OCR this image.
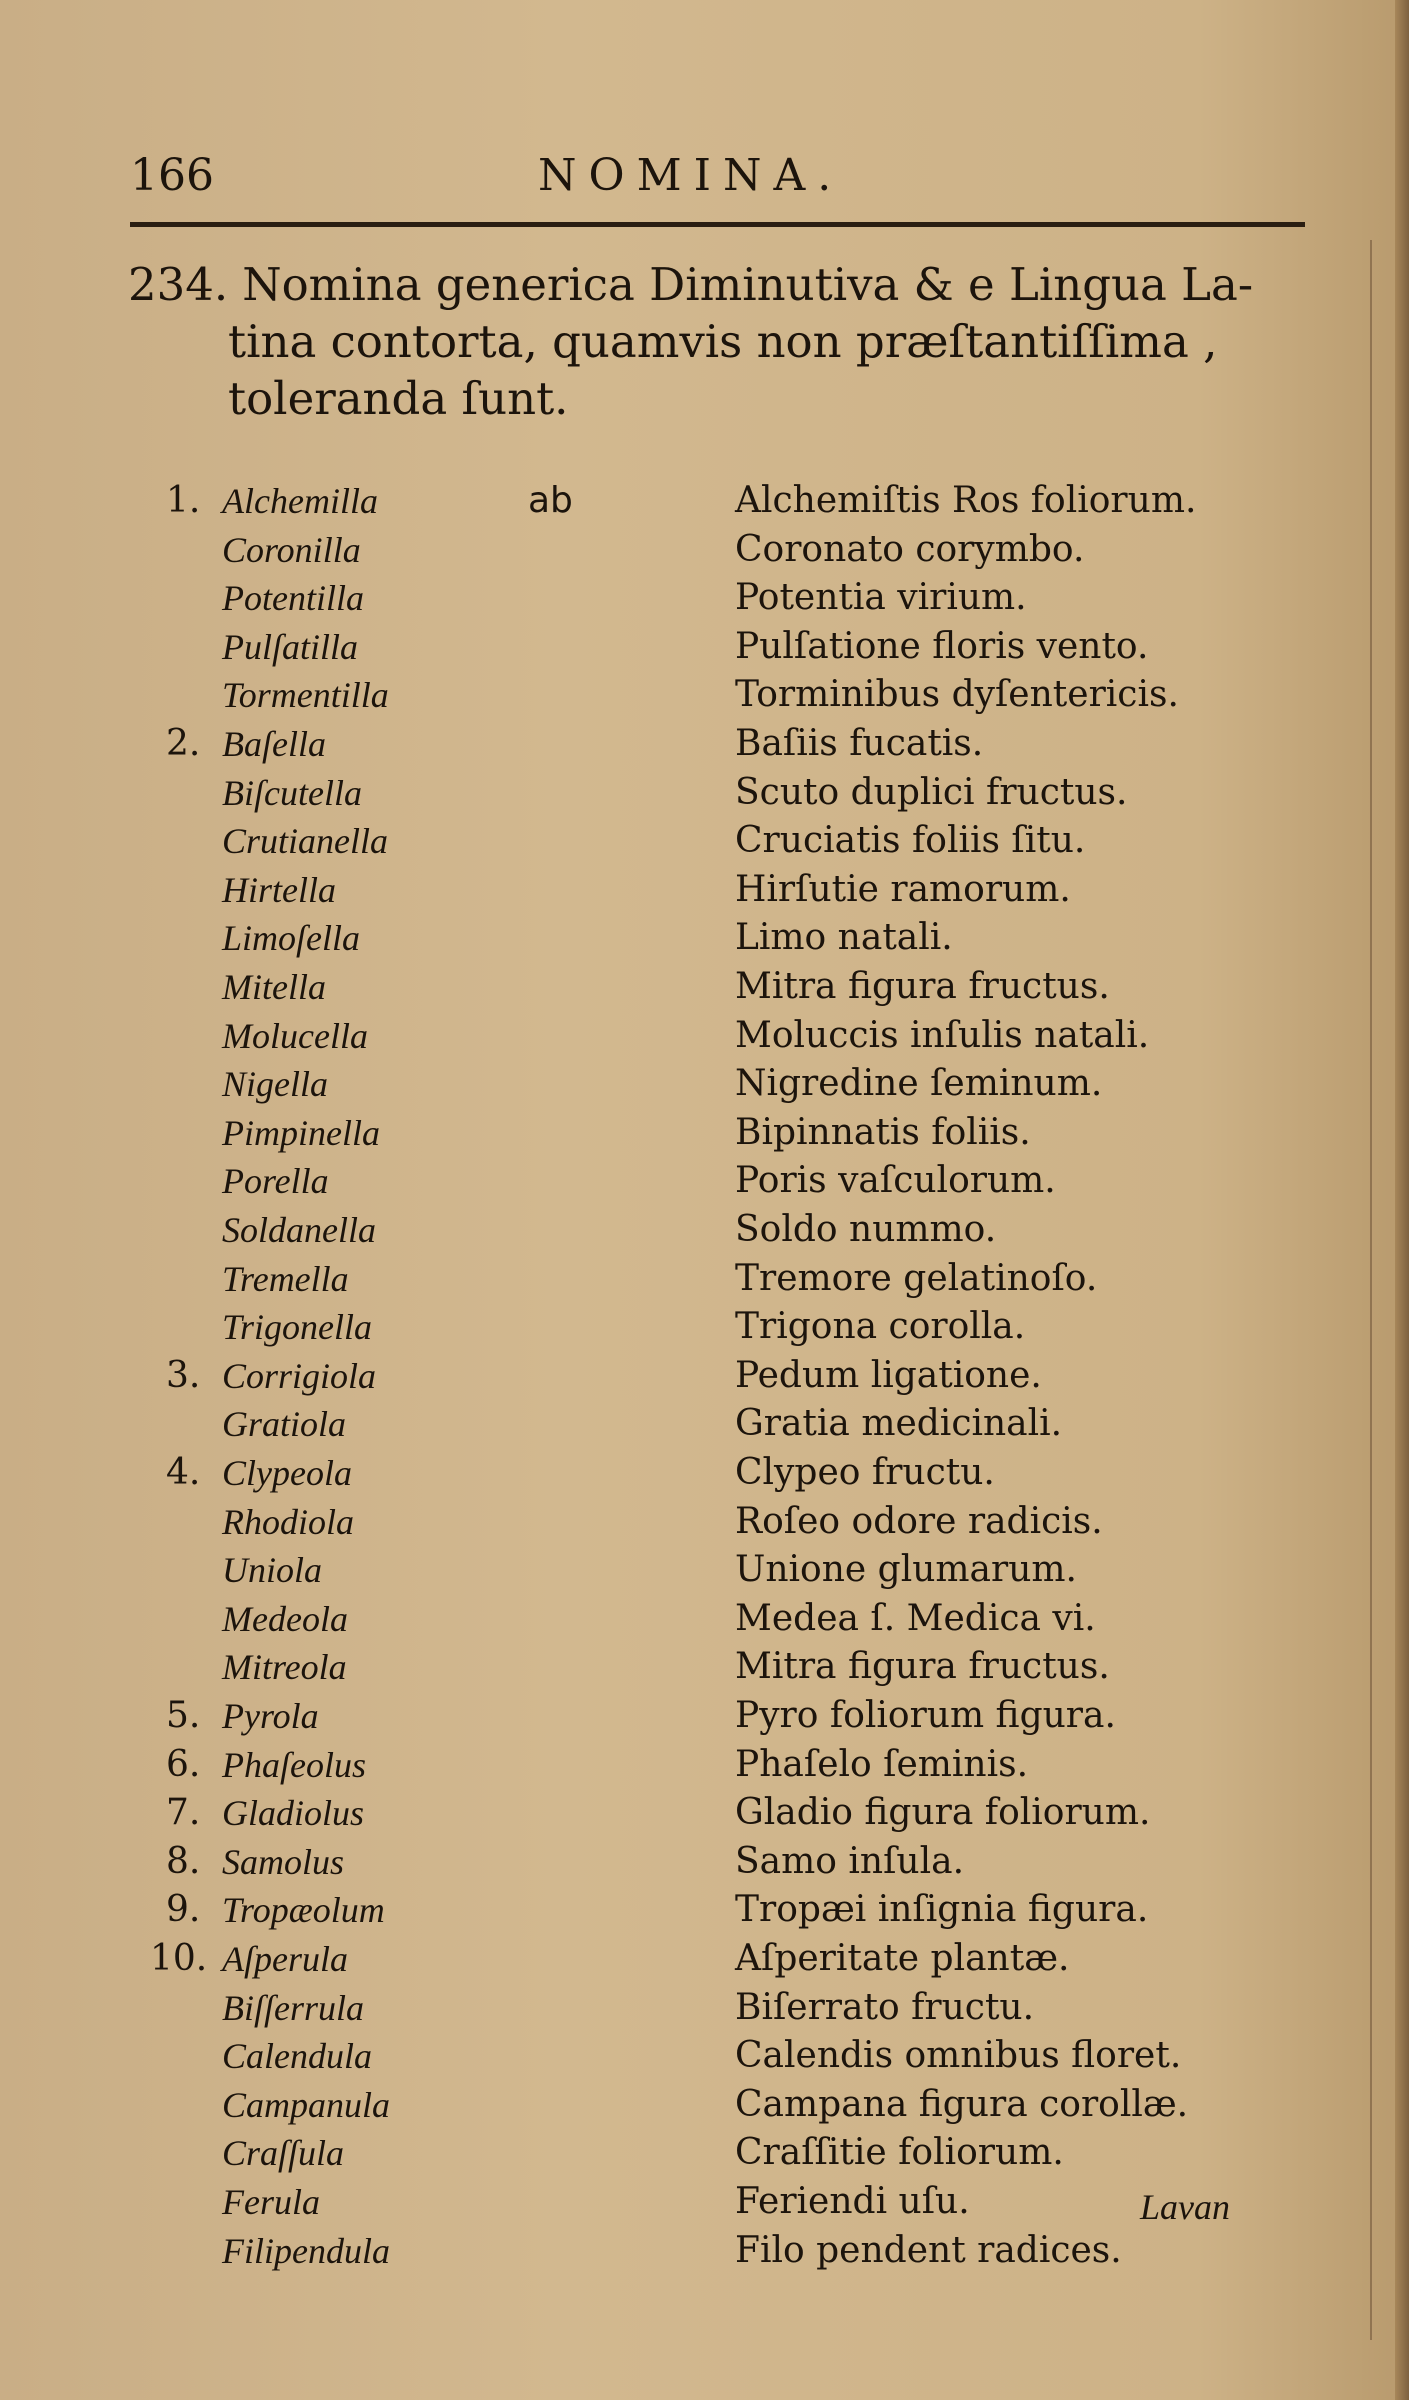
166	NOMINA.
234. Nomina generica Diminutiva & e Lingua La-
tina contorta, quamvis non præſtantiſſima ,
toleranda ſunt.
1. Alchemilla	ab	Alchemiſtis Ros foliorum.
Coronilla	Coronato corymbo.
Potentilla	Potentia virium.
Pulſatilla	Pulſatione floris vento.
Tormentilla	Torminibus dyſentericis.
2. Baſella	Baſiis fucatis.
Biſcutella	Scuto duplici fructus.
Crutianella	Cruciatis foliis ſitu.
Hirtella	Hirſutie ramorum.
Limoſella	Limo natali.
Mitella	Mitra figura fructus.
Molucella	Moluccis inſulis natali.
Nigella	Nigredine ſeminum.
Pimpinella	Bipinnatis foliis.
Porella	Poris vaſculorum.
Soldanella	Soldo nummo.
Tremella	Tremore gelatinoſo.
Trigonella	Trigona corolla.
3. Corrigiola	Pedum ligatione.
Gratiola	Gratia medicinali.
4. Clypeola	Clypeo fructu.
Rhodiola	Roſeo odore radicis.
Uniola	Unione glumarum.
Medeola	Medea ſ. Medica vi.
Mitreola	Mitra figura fructus.
5. Pyrola	Pyro foliorum figura.
6. Phaſeolus	Phaſelo ſeminis.
7. Gladiolus	Gladio figura foliorum.
8. Samolus	Samo inſula.
9. Tropæolum	Tropæi inſignia figura.
10. Aſperula	Aſperitate plantæ.
Biſſerrula	Biſerrato fructu.
Calendula	Calendis omnibus floret.
Campanula	Campana figura corollæ.
Craſſula	Craſſitie foliorum.
Ferula	Feriendi uſu.
Filipendula	Filo pendent radices.
Lavan
